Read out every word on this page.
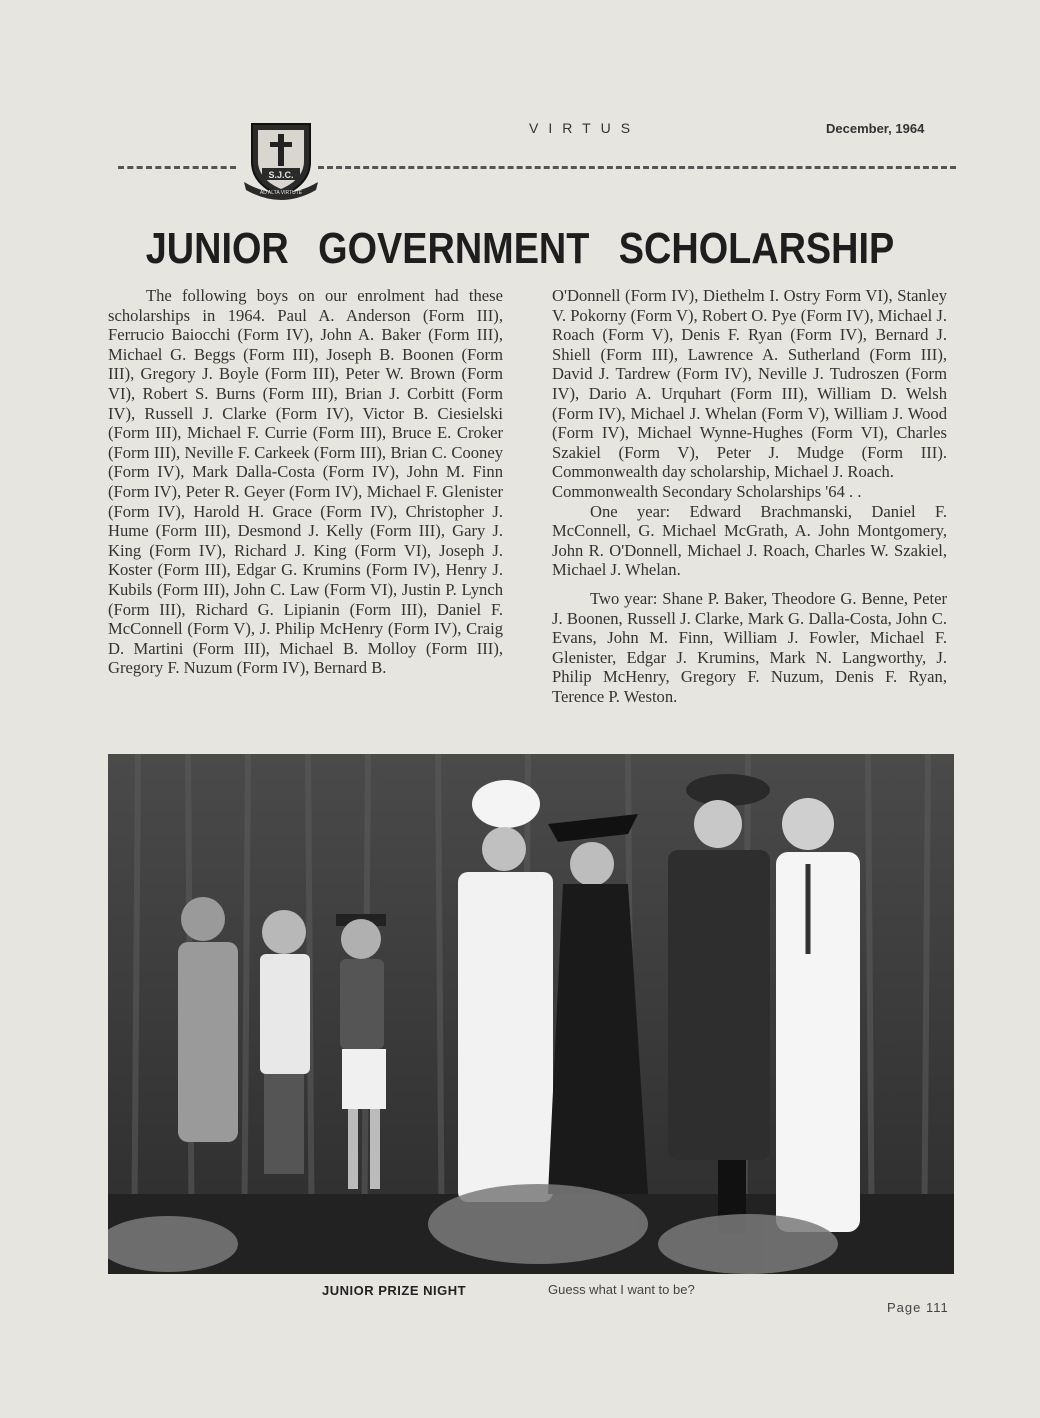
S.J.C.
AD ALTA VIRTUTE
VIRTUS	December, 1964
JUNIOR GOVERNMENT SCHOLARSHIP

The following boys on our enrolment had these scholarships in 1964. Paul A. Anderson (Form III), Ferrucio Baiocchi (Form IV), John A. Baker (Form III), Michael G. Beggs (Form III), Joseph B. Boonen (Form III), Gregory J. Boyle (Form III), Peter W. Brown (Form VI), Robert S. Burns (Form III), Brian J. Corbitt (Form IV), Russell J. Clarke (Form IV), Victor B. Ciesielski (Form III), Michael F. Currie (Form III), Bruce E. Croker (Form III), Neville F. Carkeek (Form III), Brian C. Cooney (Form IV), Mark Dalla-Costa (Form IV), John M. Finn (Form IV), Peter R. Geyer (Form IV), Michael F. Glenister (Form IV), Harold H. Grace (Form IV), Christopher J. Hume (Form III), Desmond J. Kelly (Form III), Gary J. King (Form IV), Richard J. King (Form VI), Joseph J. Koster (Form III), Edgar G. Krumins (Form IV), Henry J. Kubils (Form III), John C. Law (Form VI), Justin P. Lynch (Form III), Richard G. Lipianin (Form III), Daniel F. McConnell (Form V), J. Philip McHenry (Form IV), Craig D. Martini (Form III), Michael B. Molloy (Form III), Gregory F. Nuzum (Form IV), Bernard B.

O'Donnell (Form IV), Diethelm I. Ostry Form VI), Stanley V. Pokorny (Form V), Robert O. Pye (Form IV), Michael J. Roach (Form V), Denis F. Ryan (Form IV), Bernard J. Shiell (Form III), Lawrence A. Sutherland (Form III), David J. Tardrew (Form IV), Neville J. Tudroszen (Form IV), Dario A. Urquhart (Form III), William D. Welsh (Form IV), Michael J. Whelan (Form V), William J. Wood (Form IV), Michael Wynne-Hughes (Form VI), Charles Szakiel (Form V), Peter J. Mudge (Form III). Commonwealth day scholarship, Michael J. Roach.

Commonwealth Secondary Scholarships '64 . .

One year: Edward Brachmanski, Daniel F. McConnell, G. Michael McGrath, A. John Montgomery, John R. O'Donnell, Michael J. Roach, Charles W. Szakiel, Michael J. Whelan.

Two year: Shane P. Baker, Theodore G. Benne, Peter J. Boonen, Russell J. Clarke, Mark G. Dalla-Costa, John C. Evans, John M. Finn, William J. Fowler, Michael F. Glenister, Edgar J. Krumins, Mark N. Langworthy, J. Philip McHenry, Gregory F. Nuzum, Denis F. Ryan, Terence P. Weston.

JUNIOR PRIZE NIGHT	Guess what I want to be?
Page 111
